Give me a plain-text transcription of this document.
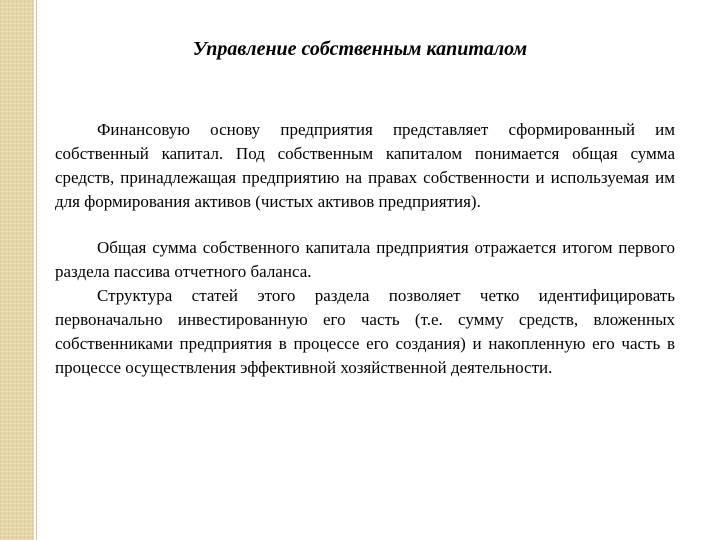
Управление собственным капиталом

Финансовую основу предприятия представляет сформированный им собственный капитал. Под собственным капиталом понимается общая сумма средств, принадлежащая предприятию на правах собственности и используемая им для формирования активов (чистых активов предприятия).

Общая сумма собственного капитала предприятия отражается итогом первого раздела пассива отчетного баланса.

Структура статей этого раздела позволяет четко идентифицировать первоначально инвестированную его часть (т.е. сумму средств, вложенных собственниками предприятия в процессе его создания) и накопленную его часть в процессе осуществления эффективной хозяйственной деятельности.
